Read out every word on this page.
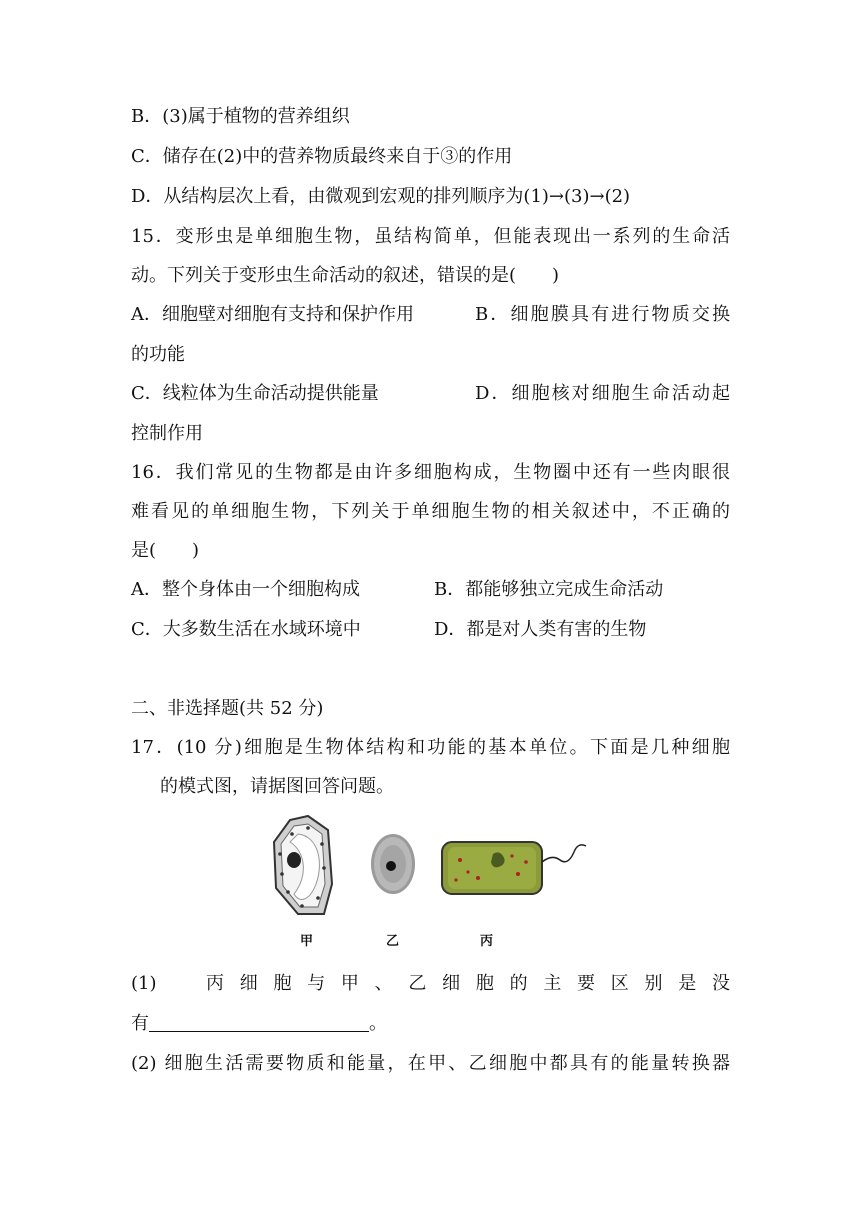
B．(3)属于植物的营养组织
C．储存在(2)中的营养物质最终来自于③的作用
D．从结构层次上看，由微观到宏观的排列顺序为(1)→(3)→(2)
15．变形虫是单细胞生物，虽结构简单，但能表现出一系列的生命活
动。下列关于变形虫生命活动的叙述，错误的是(　　)
A．细胞壁对细胞有支持和保护作用	B．细胞膜具有进行物质交换
的功能
C．线粒体为生命活动提供能量	D．细胞核对细胞生命活动起
控制作用
16．我们常见的生物都是由许多细胞构成，生物圈中还有一些肉眼很
难看见的单细胞生物，下列关于单细胞生物的相关叙述中，不正确的
是(　　)
A．整个身体由一个细胞构成	B．都能够独立完成生命活动
C．大多数生活在水域环境中	D．都是对人类有害的生物
二、非选择题(共 52 分)
17．(10 分)细胞是生物体结构和功能的基本单位。下面是几种细胞
的模式图，请据图回答问题。
甲	乙	丙
(1)　丙细胞与甲、乙细胞的主要区别是没
有	。
(2) 细胞生活需要物质和能量，在甲、乙细胞中都具有的能量转换器
